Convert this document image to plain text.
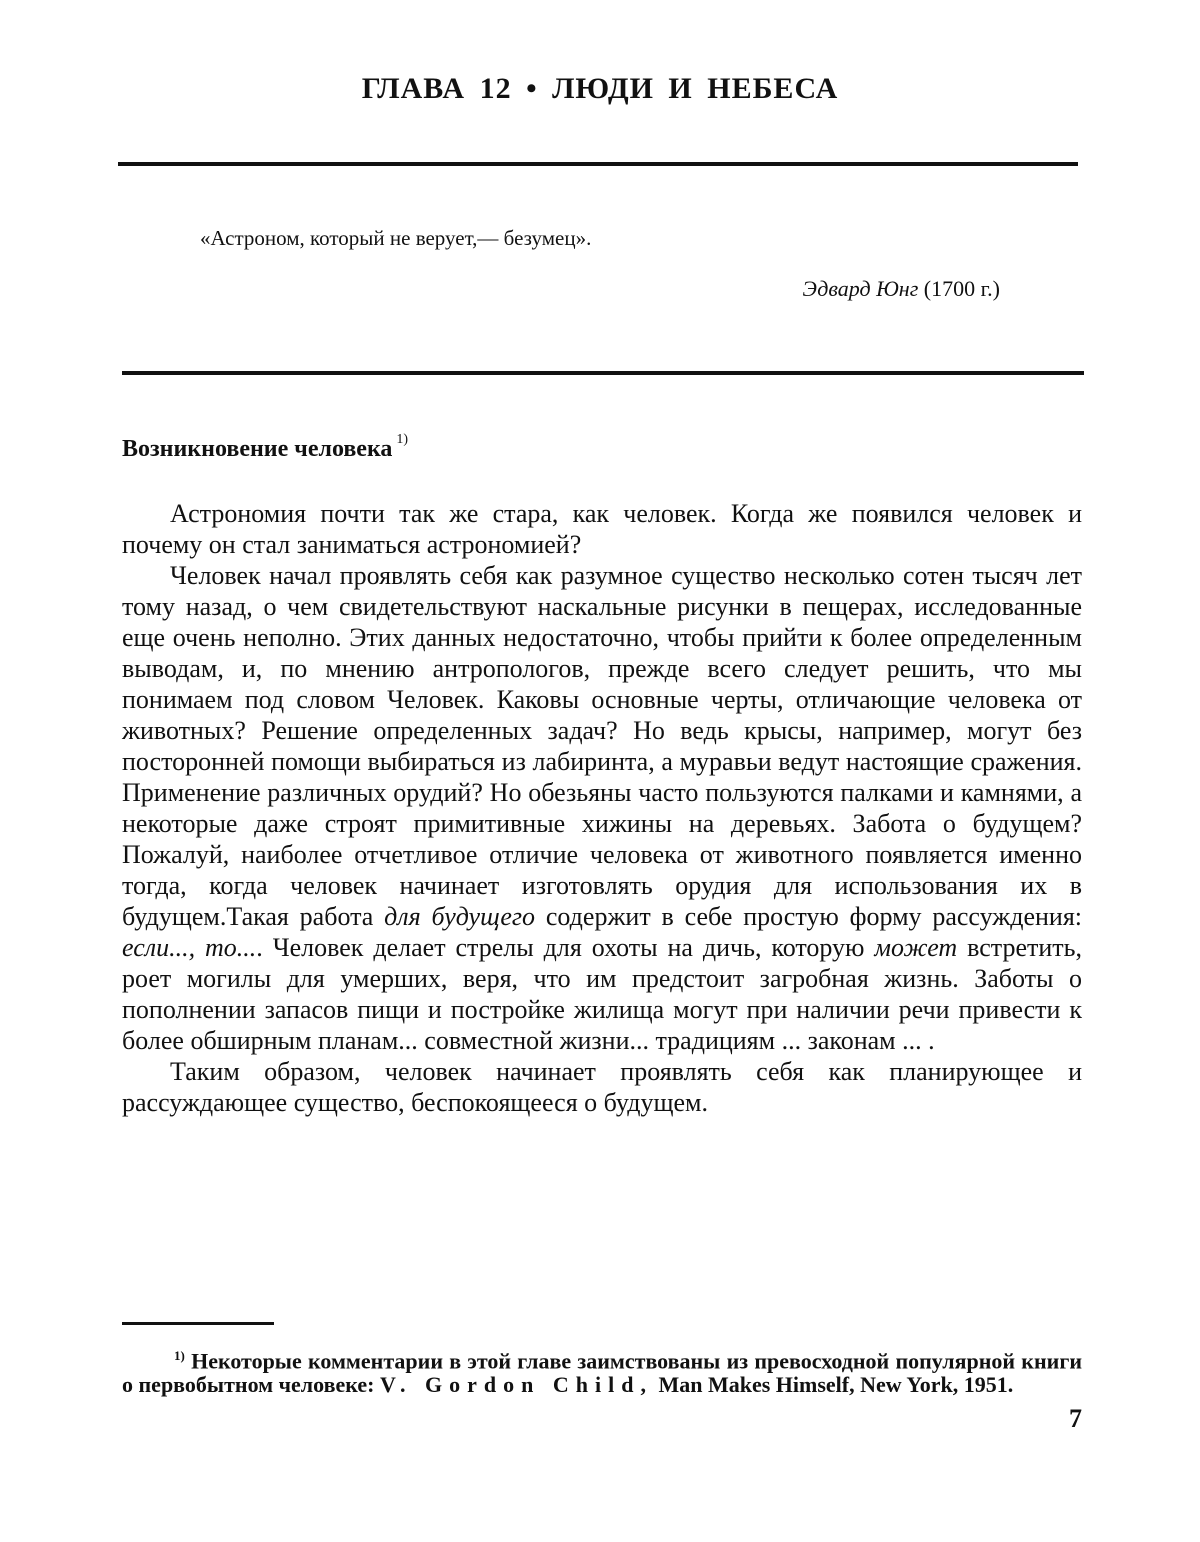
ГЛАВА 12 • ЛЮДИ И НЕБЕСА
«Астроном, который не верует,— безумец».
Эдвард Юнг (1700 г.)
Возникновение человека $^{1)}$

Астрономия почти так же стара, как человек. Когда же появился человек и почему он стал заниматься астрономией?

Человек начал проявлять себя как разумное существо несколько сотен тысяч лет тому назад, о чем свидетельствуют наскальные рисунки в пещерах, исследованные еще очень неполно. Этих данных недостаточно, чтобы прийти к более определенным выводам, и, по мнению антропологов, прежде всего следует решить, что мы понимаем под словом Человек. Каковы основные черты, отличающие человека от животных? Решение определенных задач? Но ведь крысы, например, могут без посторонней помощи выбираться из лабиринта, а муравьи ведут настоящие сражения. Применение различных орудий? Но обезьяны часто пользуются палками и камнями, а некоторые даже строят примитивные хижины на деревьях. Забота о будущем? Пожалуй, наиболее отчетливое отличие человека от животного появляется именно тогда, когда человек начинает изготовлять орудия для использования их в будущем.Такая работа для будущего содержит в себе простую форму рассуждения: если..., то.... Человек делает стрелы для охоты на дичь, которую может встретить, роет могилы для умерших, веря, что им предстоит загробная жизнь. Заботы о пополнении запасов пищи и постройке жилища могут при наличии речи привести к более обширным планам... совместной жизни... традициям ... законам ... .

Таким образом, человек начинает проявлять себя как планирующее и рассуждающее существо, беспокоящееся о будущем.

$^{1)}$ Некоторые комментарии в этой главе заимствованы из превосходной популярной книги о первобытном человеке: V. Gordon Child, Man Makes Himself, New York, 1951.
7
